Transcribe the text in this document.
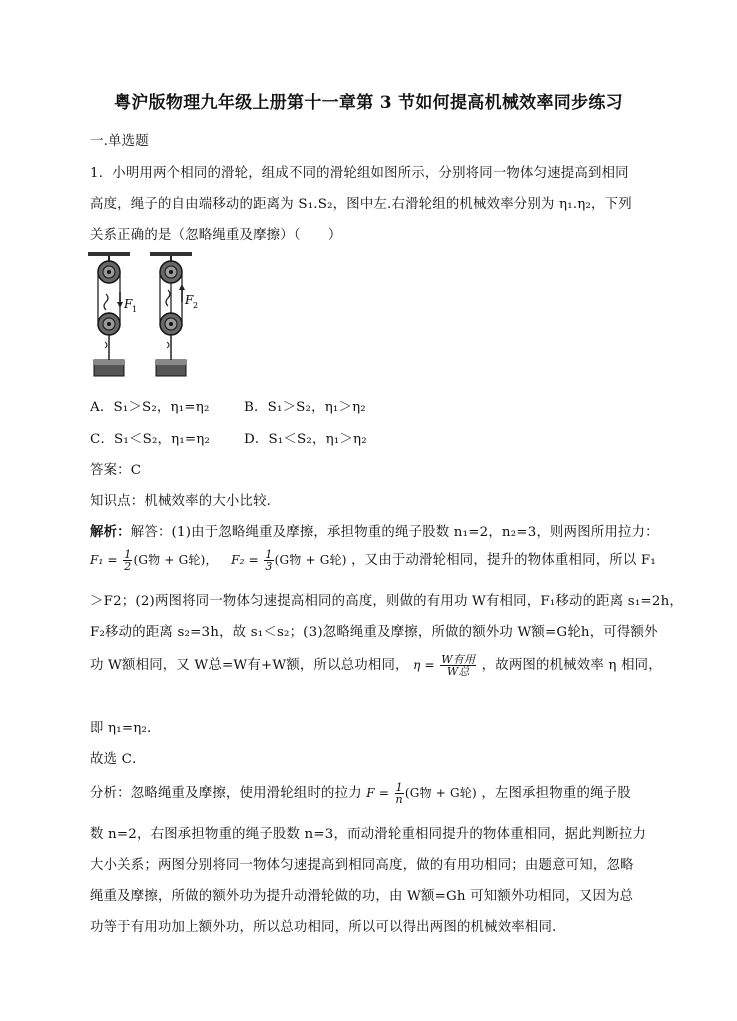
粤沪版物理九年级上册第十一章第 3 节如何提高机械效率同步练习
一.单选题
1．小明用两个相同的滑轮，组成不同的滑轮组如图所示，分别将同一物体匀速提高到相同
高度，绳子的自由端移动的距离为 S₁.S₂，图中左.右滑轮组的机械效率分别为 η₁.η₂，下列
关系正确的是（忽略绳重及摩擦）（　　）
F 1
F 2
A．S₁＞S₂，η₁=η₂	B．S₁＞S₂，η₁＞η₂
C．S₁＜S₂，η₁=η₂	D．S₁＜S₂，η₁＞η₂
答案：C
知识点：机械效率的大小比较．
解析：解答：(1)由于忽略绳重及摩擦，承担物重的绳子股数 n₁=2，n₂=3，则两图所用拉力：
$F_1 = \frac{1}{2} (G$物 + G轮)， $F_2 = \frac{1}{3} (G$物 + G轮) ，又由于动滑轮相同，提升的物体重相同，所以 F₁
＞F2；(2)两图将同一物体匀速提高相同的高度，则做的有用功 W有相同，F₁移动的距离 s₁=2h，
F₂移动的距离 s₂=3h，故 s₁＜s₂；(3)忽略绳重及摩擦，所做的额外功 W额=G轮h，可得额外
功 W额相同，又 W总=W有+W额，所以总功相同， $\eta = \frac{\text{W有用}}{\text{W总}}$ ，故两图的机械效率 η 相同，
即 η₁=η₂．
故选 C．
分析：忽略绳重及摩擦，使用滑轮组时的拉力 $F = \frac{1}{n} (G$物 + G轮) ，左图承担物重的绳子股
数 n=2，右图承担物重的绳子股数 n=3，而动滑轮重相同提升的物体重相同，据此判断拉力
大小关系；两图分别将同一物体匀速提高到相同高度，做的有用功相同；由题意可知，忽略
绳重及摩擦，所做的额外功为提升动滑轮做的功，由 W额=Gh 可知额外功相同，又因为总
功等于有用功加上额外功，所以总功相同，所以可以得出两图的机械效率相同．
